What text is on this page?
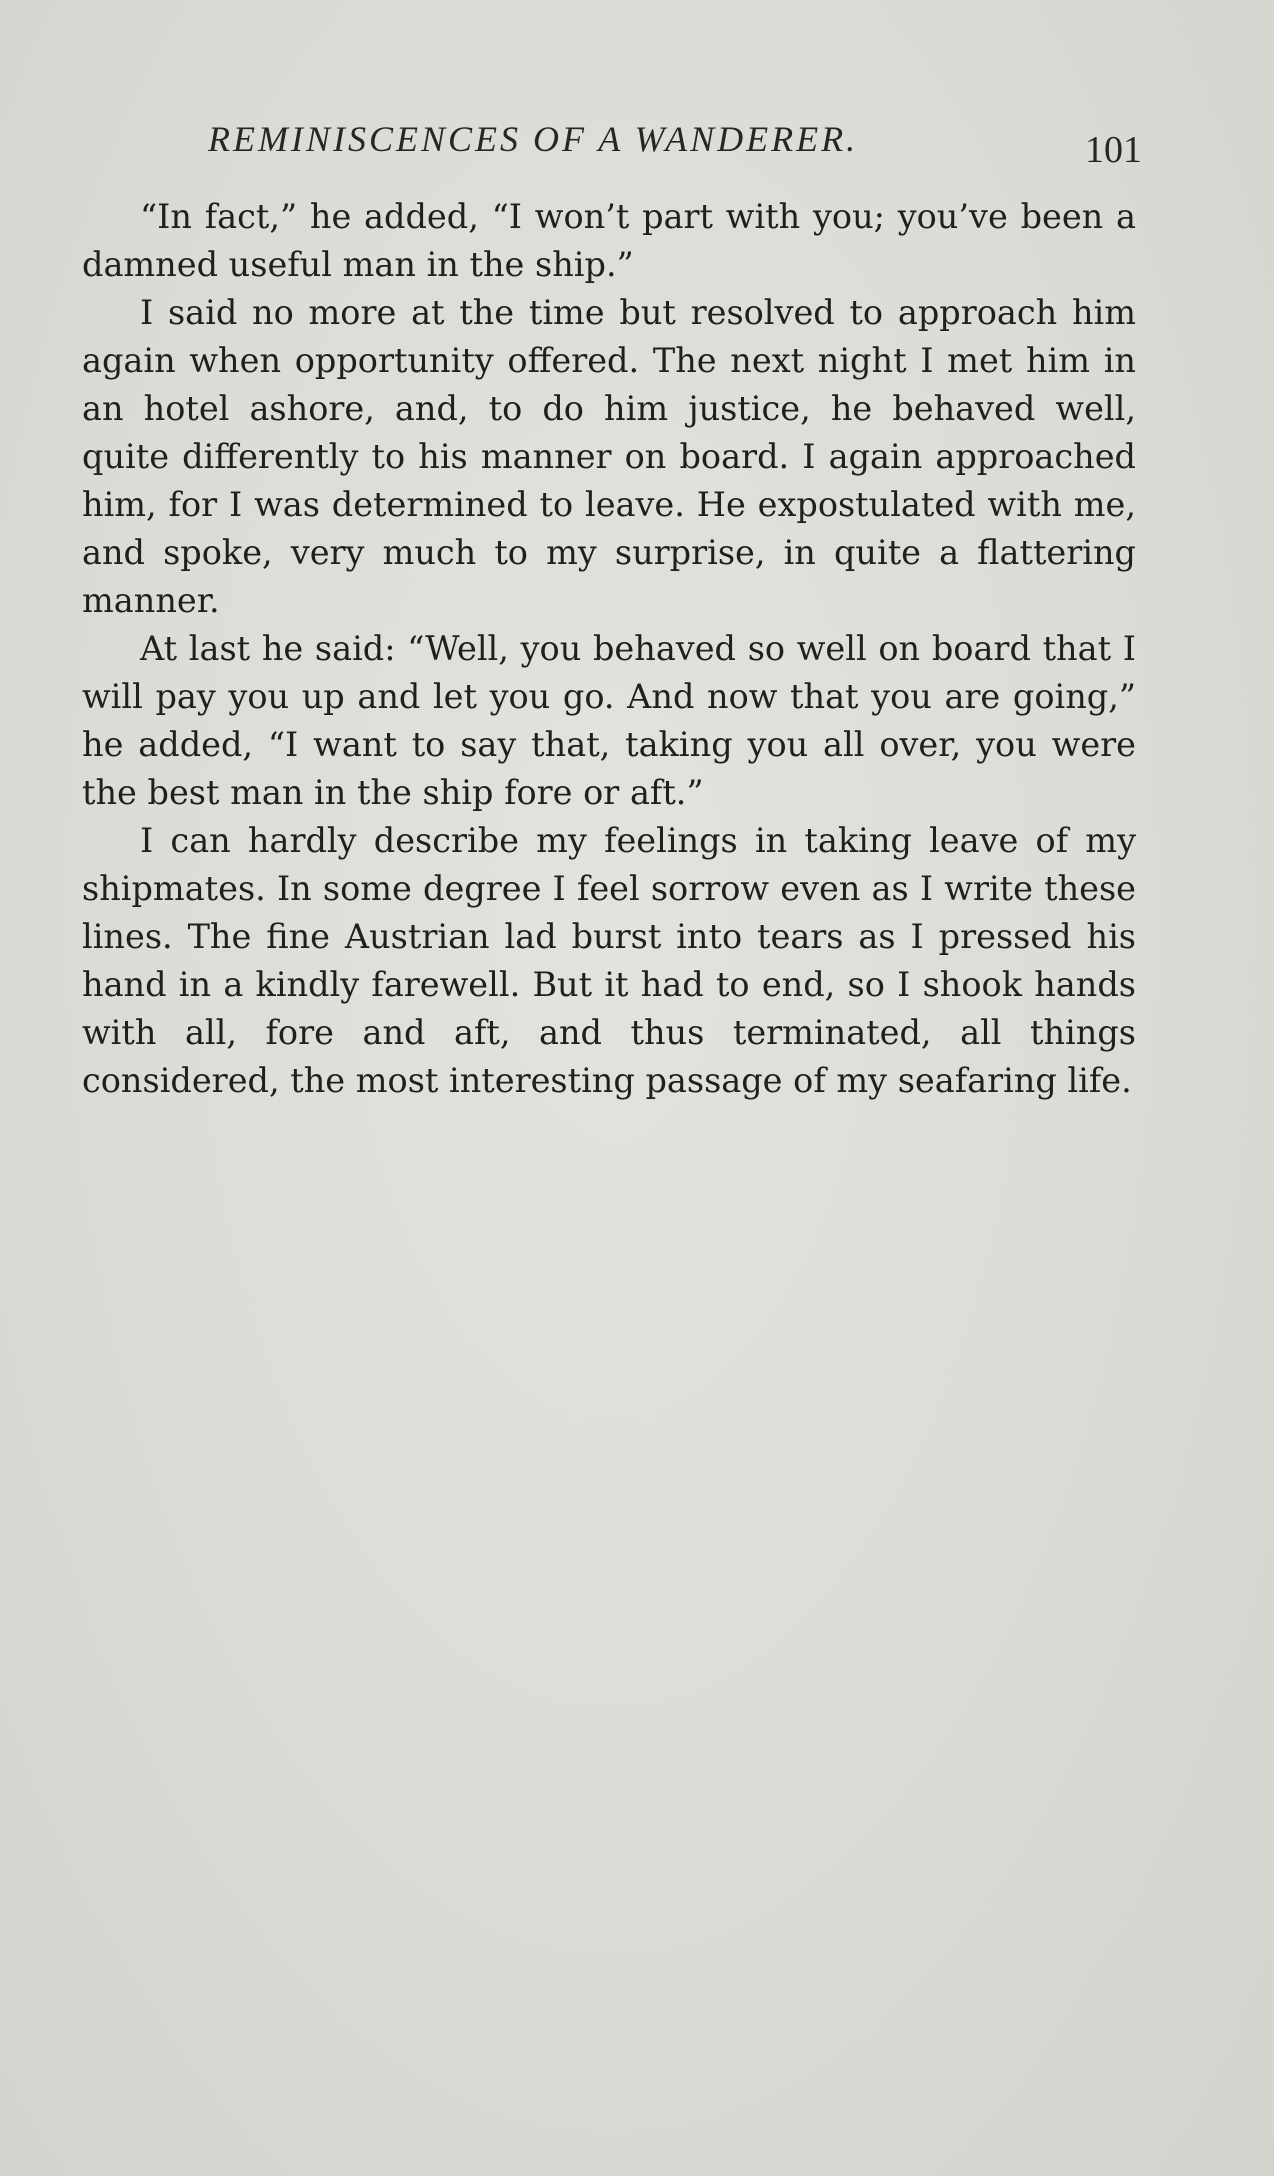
REMINISCENCES OF A WANDERER.	101

“In fact,” he added, “I won’t part with you; you’ve been a damned useful man in the ship.”

I said no more at the time but resolved to approach him again when opportunity offered. The next night I met him in an hotel ashore, and, to do him justice, he behaved well, quite differently to his manner on board. I again approached him, for I was determined to leave. He expostulated with me, and spoke, very much to my surprise, in quite a flattering manner.

At last he said: “Well, you behaved so well on board that I will pay you up and let you go. And now that you are going,” he added, “I want to say that, taking you all over, you were the best man in the ship fore or aft.”

I can hardly describe my feelings in taking leave of my shipmates. In some degree I feel sorrow even as I write these lines. The fine Austrian lad burst into tears as I pressed his hand in a kindly farewell. But it had to end, so I shook hands with all, fore and aft, and thus terminated, all things considered, the most interesting passage of my seafaring life.
